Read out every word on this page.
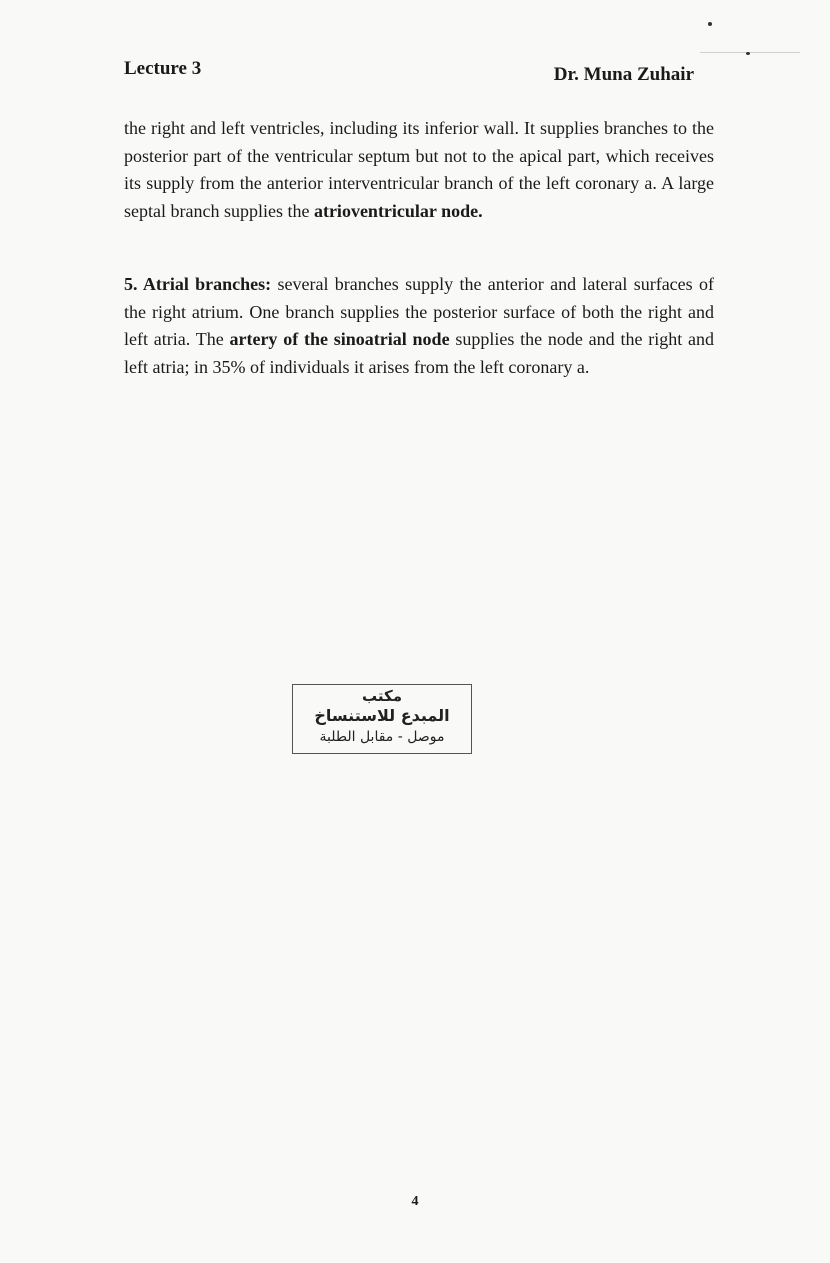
Lecture 3	Dr. Muna Zuhair
the right and left ventricles, including its inferior wall. It supplies branches to the posterior part of the ventricular septum but not to the apical part, which receives its supply from the anterior interventricular branch of the left coronary a. A large septal branch supplies the atrioventricular node.
5. Atrial branches: several branches supply the anterior and lateral surfaces of the right atrium. One branch supplies the posterior surface of both the right and left atria. The artery of the sinoatrial node supplies the node and the right and left atria; in 35% of individuals it arises from the left coronary a.
مكتب
المبدع للاستنساخ
موصل - مقابل الطلبة
4
